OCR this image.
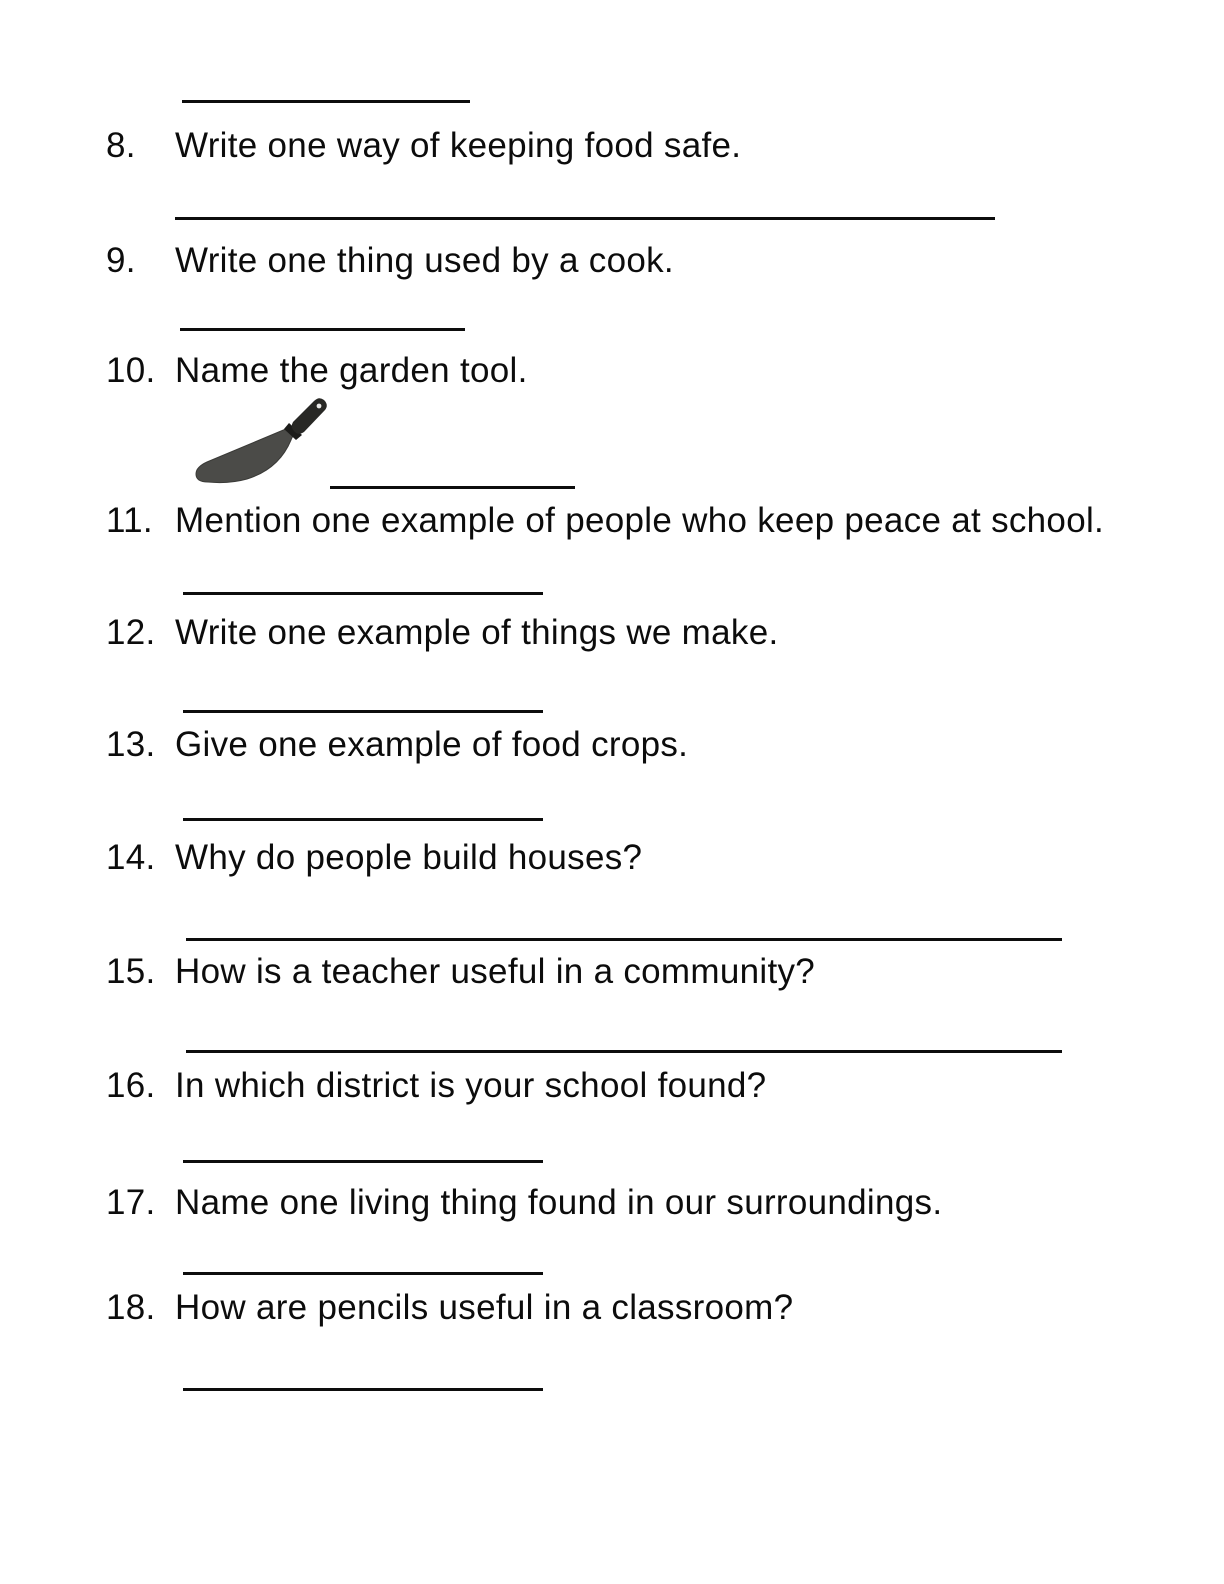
8.	Write one way of keeping food safe.
9.	Write one thing used by a cook.
10. Name the garden tool.
11. Mention one example of people who keep peace at school.
12. Write one example of things we make.
13. Give one example of food crops.
14. Why do people build houses?
15. How is a teacher useful in a community?
16. In which district is your school found?
17. Name one living thing found in our surroundings.
18. How are pencils useful in a classroom?
